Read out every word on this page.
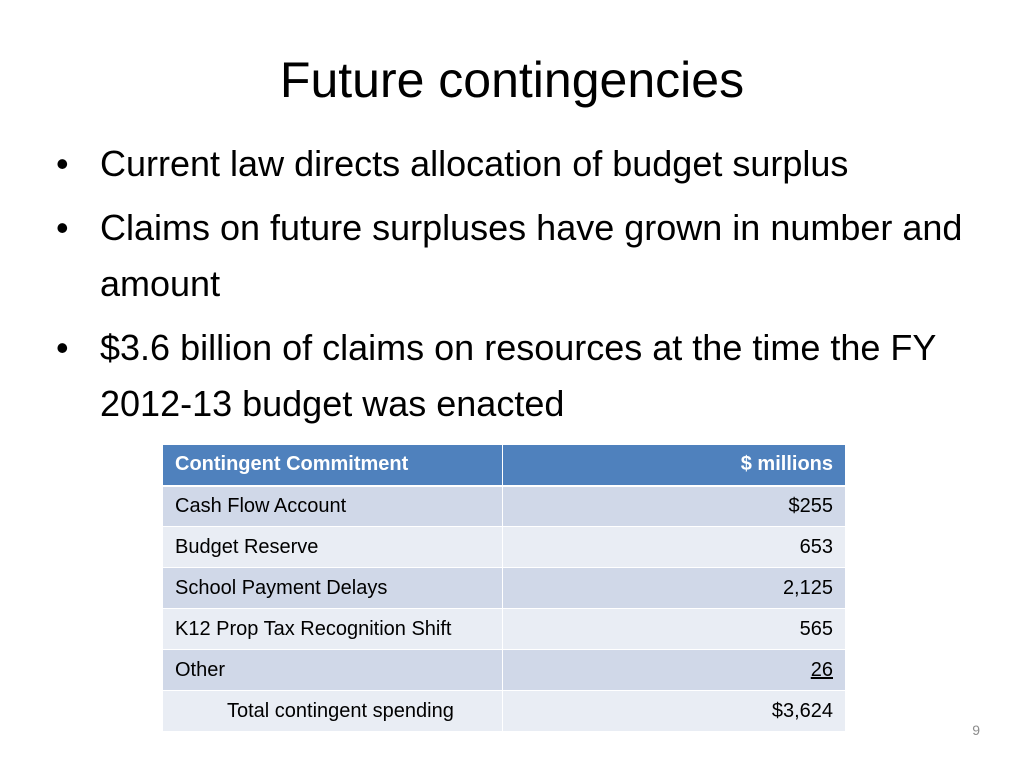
Future contingencies
• Current law directs allocation of budget surplus
• Claims on future surpluses have grown in number and amount
• $3.6 billion of claims on resources at the time the FY 2012-13 budget was enacted
Contingent Commitment	$ millions
Cash Flow Account	$255
Budget Reserve	653
School Payment Delays	2,125
K12 Prop Tax Recognition Shift	565
Other	26
Total contingent spending	$3,624
9
